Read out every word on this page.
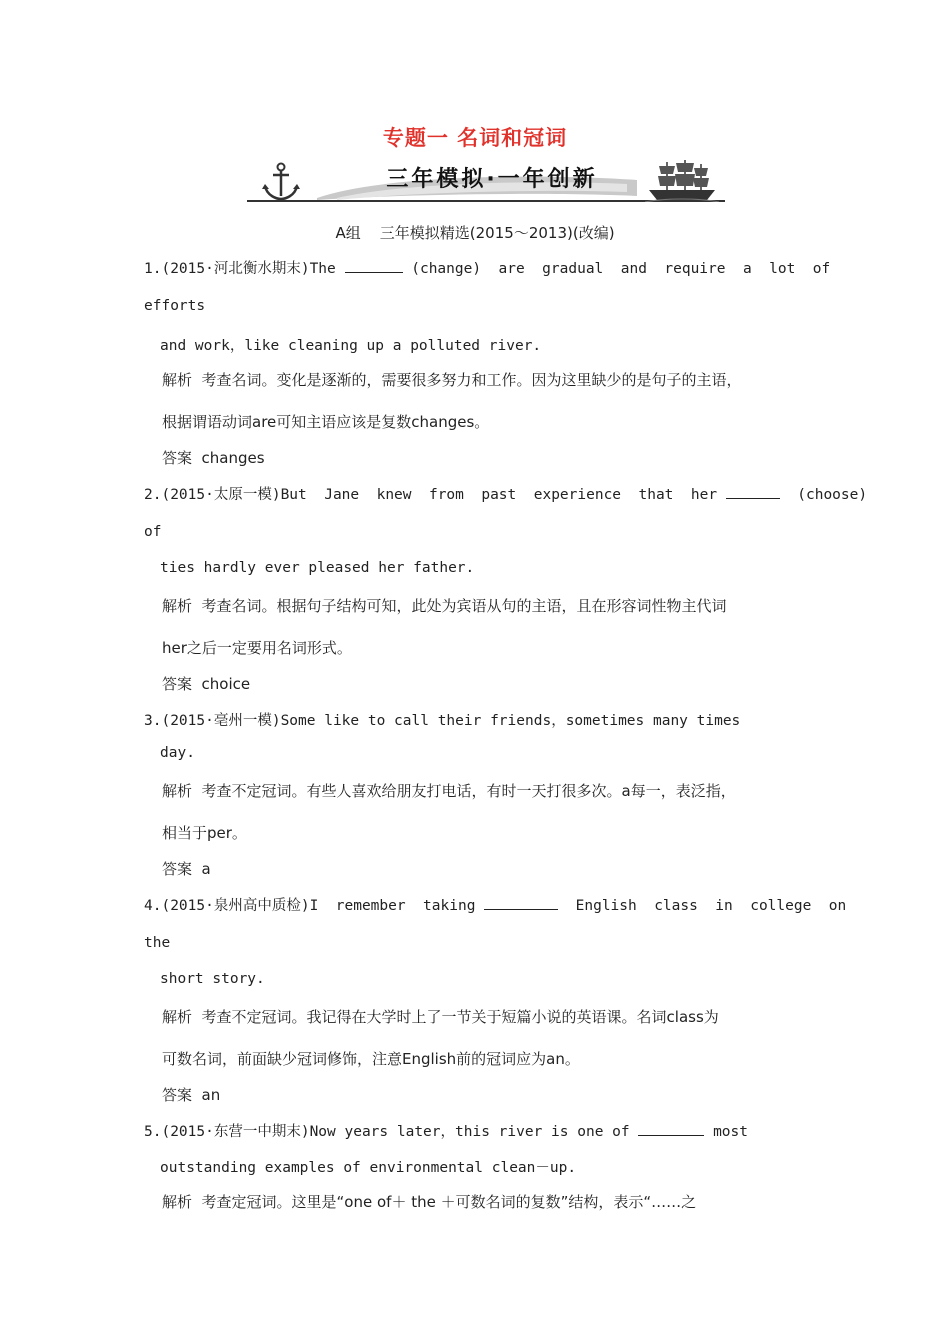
专题一 名词和冠词
三年模拟·一年创新
A组    三年模拟精选(2015～2013)(改编)
1.(2015·河北衡水期末)The	(change)  are  gradual  and  require  a  lot  of
efforts
and work，like cleaning up a polluted river.
解析  考查名词。变化是逐渐的，需要很多努力和工作。因为这里缺少的是句子的主语，
根据谓语动词are可知主语应该是复数changes。
答案  changes
2.(2015·太原一模)But  Jane  knew  from  past  experience  that  her	(choose)
of
ties hardly ever pleased her father.
解析  考查名词。根据句子结构可知，此处为宾语从句的主语，且在形容词性物主代词
her之后一定要用名词形式。
答案  choice
3.(2015·亳州一模)Some like to call their friends，sometimes many times
day.
解析  考查不定冠词。有些人喜欢给朋友打电话，有时一天打很多次。a每一，表泛指，
相当于per。
答案  a
4.(2015·泉州高中质检)I  remember  taking	English  class  in  college  on
the
short story.
解析  考查不定冠词。我记得在大学时上了一节关于短篇小说的英语课。名词class为
可数名词，前面缺少冠词修饰，注意English前的冠词应为an。
答案  an
5.(2015·东营一中期末)Now years later，this river is one of	most
outstanding examples of environmental clean－up.
解析  考查定冠词。这里是“one of＋ the ＋可数名词的复数”结构，表示“……之
